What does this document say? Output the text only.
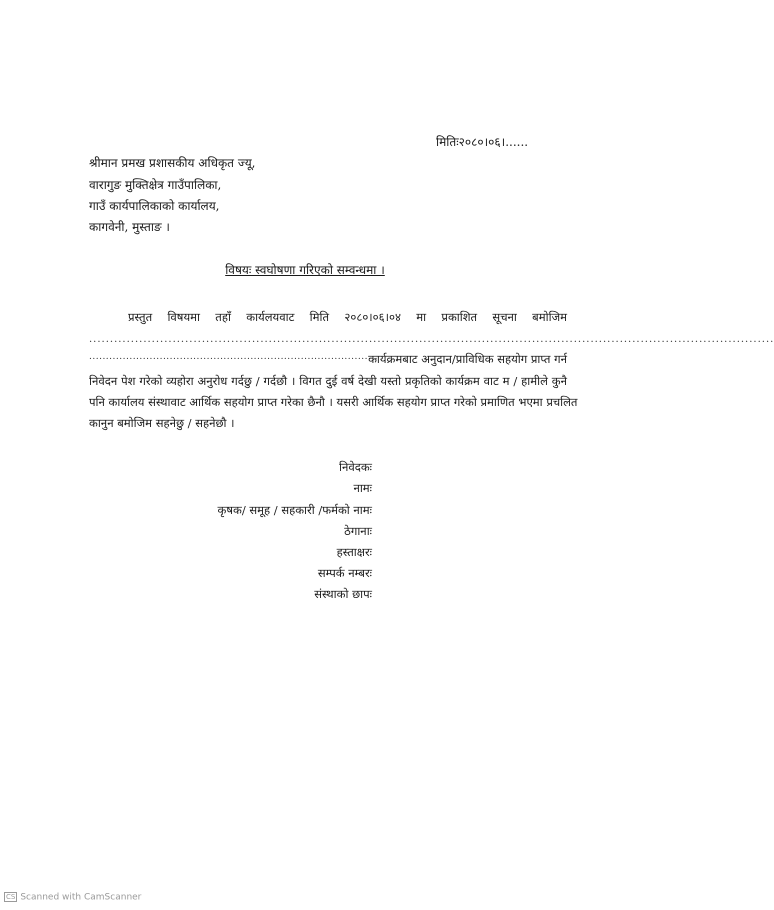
मितिः२०८०।०६।......
श्रीमान प्रमख प्रशासकीय अधिकृत ज्यू,
वारागुङ मुक्तिक्षेत्र गाउँपालिका,
गाउँ कार्यपालिकाको कार्यालय,
कागवेनी, मुस्ताङ ।
विषयः स्वघोषणा गरिएको सम्वन्धमा ।
प्रस्तुत विषयमा तहाँ कार्यलयवाट मिति २०८०।०६।०४ मा प्रकाशित सूचना बमोजिम
....................................................................................................................................................................
......................................................................................
कार्यक्रमबाट अनुदान/प्राविधिक सहयोग प्राप्त गर्न
निवेदन पेश गरेको व्यहोरा अनुरोध गर्दछु / गर्दछौ । विगत दुई वर्ष देखी यस्तो प्रकृतिको कार्यक्रम वाट म / हामीले कुनै
पनि कार्यालय संस्थावाट आर्थिक सहयोग प्राप्त गरेका छैनौ । यसरी आर्थिक सहयोग प्राप्त गरेको प्रमाणित भएमा प्रचलित
कानुन बमोजिम सहनेछु / सहनेछौ ।
निवेदकः
नामः
कृषक/ समूह / सहकारी /फर्मको नामः
ठेगानाः
हस्ताक्षरः
सम्पर्क नम्बरः
संस्थाको छापः
CS Scanned with CamScanner
